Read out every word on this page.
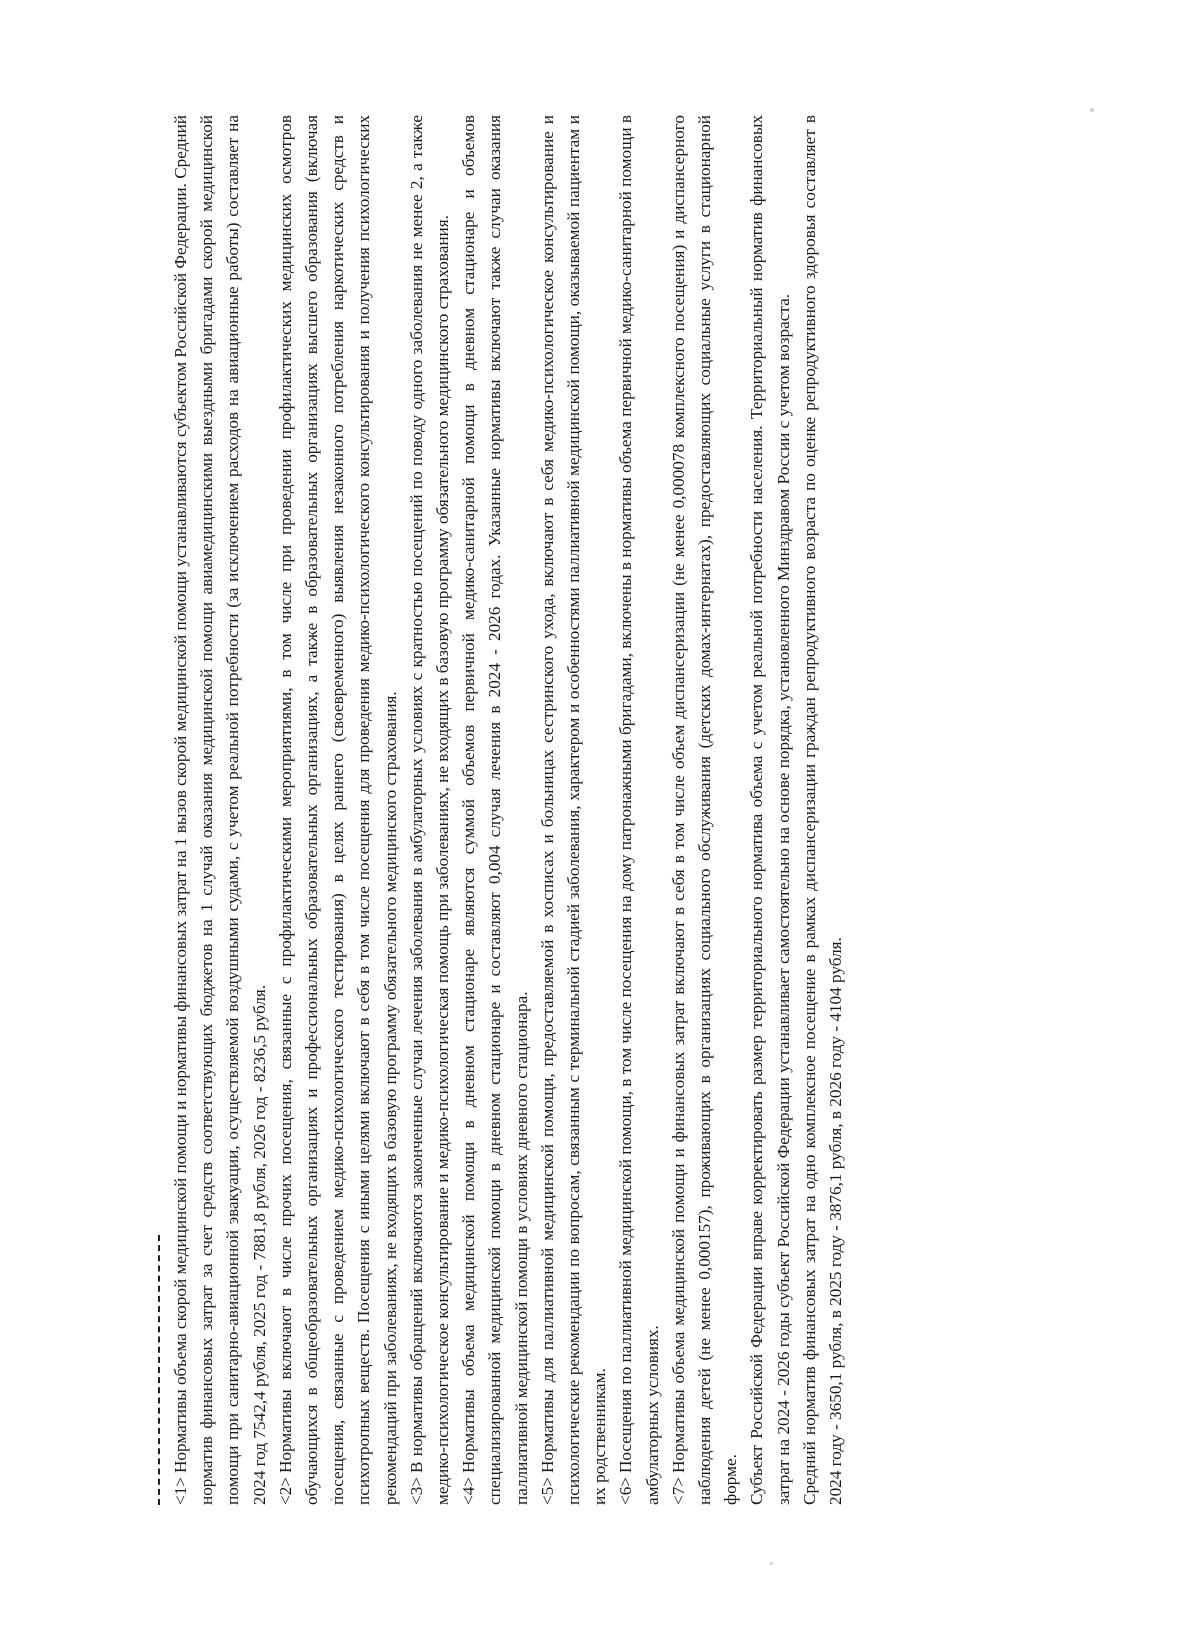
<1>Нормативы объема скорой медицинской помощи и нормативы финансовых затрат на 1 вызов скорой медицинской помощи устанавливаются субъектом Российской Федерации. Средний норматив финансовых затрат за счет средств соответствующих бюджетов на 1 случай оказания медицинской помощи авиамедицинскими выездными бригадами скорой медицинской помощи при санитарно-авиационной эвакуации, осуществляемой воздушными судами, с учетом реальной потребности (за исключением расходов на авиационные работы) составляет на 2024 год 7542,4 рубля, 2025 год - 7881,8 рубля, 2026 год - 8236,5 рубля. <2>Нормативы включают в числе прочих посещения, связанные с профилактическими мероприятиями, в том числе при проведении профилактических медицинских осмотров обучающихся в общеобразовательных организациях и профессиональных образовательных организациях, а также в образовательных организациях высшего образования (включая посещения, связанные с проведением медико-психологического тестирования) в целях раннего (своевременного) выявления незаконного потребления наркотических средств и психотропных веществ. Посещения с иными целями включают в себя в том числе посещения для проведения медико-психологического консультирования и получения психологических рекомендаций при заболеваниях, не входящих в базовую программу обязательного медицинского страхования. <3>В нормативы обращений включаются законченные случаи лечения заболевания в амбулаторных условиях с кратностью посещений по поводу одного заболевания не менее 2, а также медико-психологическое консультирование и медико-психологическая помощь при заболеваниях, не входящих в базовую программу обязательного медицинского страхования. <4>Нормативы объема медицинской помощи в дневном стационаре являются суммой объемов первичной медико-санитарной помощи в дневном стационаре и объемов специализированной медицинской помощи в дневном стационаре и составляют 0,004 случая лечения в 2024 - 2026 годах. Указанные нормативы включают также случаи оказания паллиативной медицинской помощи в условиях дневного стационара. <5>Нормативы для паллиативной медицинской помощи, предоставляемой в хосписах и больницах сестринского ухода, включают в себя медико-психологическое консультирование и психологические рекомендации по вопросам, связанным с терминальной стадией заболевания, характером и особенностями паллиативной медицинской помощи, оказываемой пациентам и их родственникам. <6>Посещения по паллиативной медицинской помощи, в том числе посещения на дому патронажными бригадами, включены в нормативы объема первичной медико-санитарной помощи в амбулаторных условиях. <7>Нормативы объема медицинской помощи и финансовых затрат включают в себя в том числе объем диспансеризации (не менее 0,000078 комплексного посещения) и диспансерного наблюдения детей (не менее 0,000157), проживающих в организациях социального обслуживания (детских домах-интернатах), предоставляющих социальные услуги в стационарной форме. Субъект Российской Федерации вправе корректировать размер территориального норматива объема с учетом реальной потребности населения. Территориальный норматив финансовых затрат на 2024 - 2026 годы субъект Российской Федерации устанавливает самостоятельно на основе порядка, установленного Минздравом России с учетом возраста. Средний норматив финансовых затрат на одно комплексное посещение в рамках диспансеризации граждан репродуктивного возраста по оценке репродуктивного здоровья составляет в 2024 году - 3650,1 рубля, в 2025 году - 3876,1 рубля, в 2026 году - 4104 рубля.
